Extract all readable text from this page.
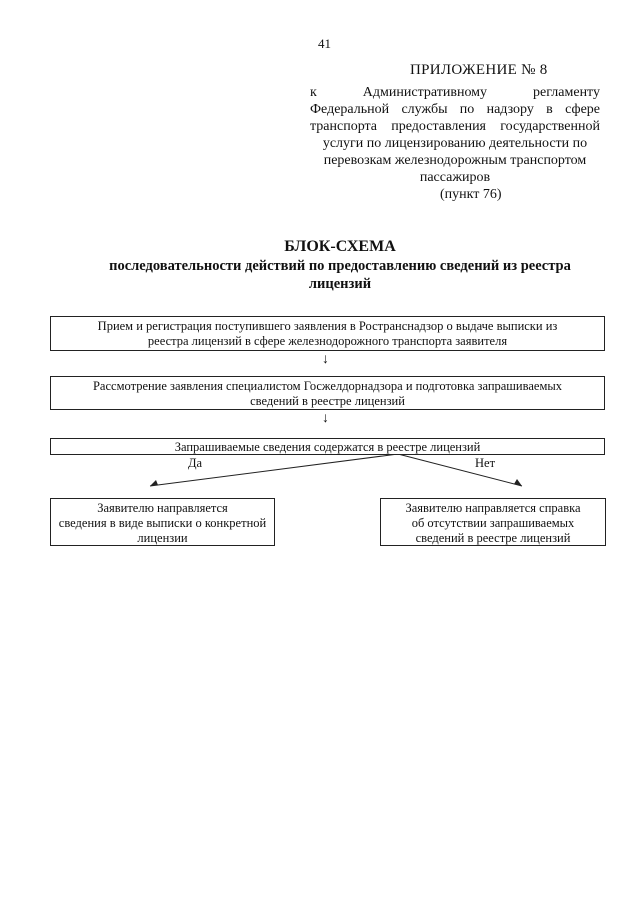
41
ПРИЛОЖЕНИЕ № 8
к Административному регламенту
Федеральной службы по надзору в сфере
транспорта предоставления государственной
услуги по лицензированию деятельности по
перевозкам железнодорожным транспортом
пассажиров
(пункт 76)
БЛОК-СХЕМА
последовательности действий по предоставлению сведений из реестра
лицензий
Прием и регистрация поступившего заявления в Ространснадзор о выдаче выписки из
реестра лицензий в сфере железнодорожного транспорта заявителя
↓
Рассмотрение заявления специалистом Госжелдорнадзора и подготовка запрашиваемых
сведений в реестре лицензий
↓
Запрашиваемые сведения содержатся в реестре лицензий
Да	Нет
Заявителю направляется
сведения в виде выписки о конкретной
лицензии
Заявителю направляется справка
об отсутствии запрашиваемых
сведений в реестре лицензий
